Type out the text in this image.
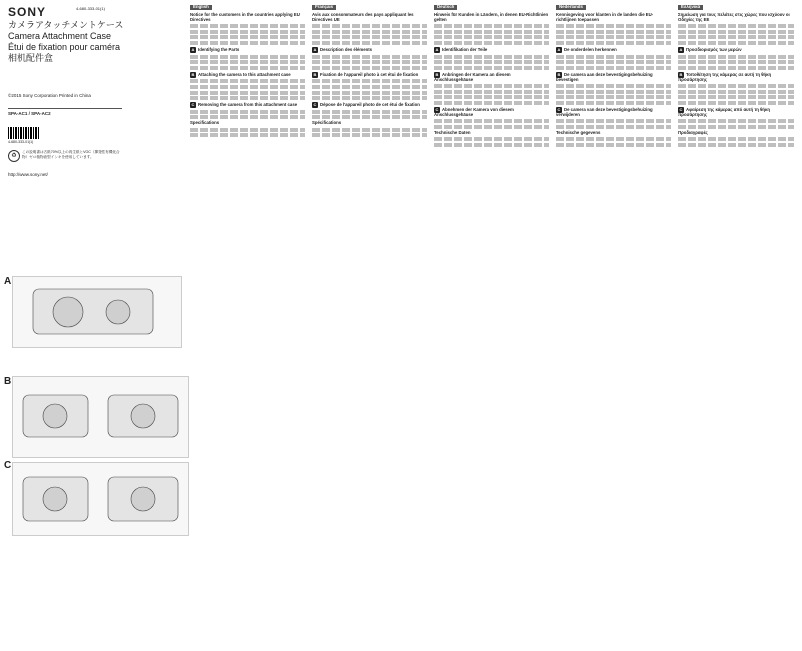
SONY	4-680-333-01(1)
カメラアタッチメントケース
Camera Attachment Case
Étui de fixation pour caméra
相机配件盒
©2015 Sony Corporation Printed in China
SPA-AC1 / SPA-AC2
4-680-333-01(1)
♻
この説明書は古紙70%以上の再生紙とVOC（揮発性有機化合物）ゼロ植物油型インキを使用しています。
http://www.sony.net/
A
B
C
English
Notice for the customers in the countries applying EU Directives
A Identifying the Parts
B Attaching the camera to this attachment case
C Removing the camera from this attachment case
Specifications
Français
Avis aux consommateurs des pays appliquant les Directives UE
A Description des éléments
B Fixation de l'appareil photo à cet étui de fixation
C Dépose de l'appareil photo de cet étui de fixation
Spécifications
Deutsch
Hinweis für Kunden in Ländern, in denen EU-Richtlinien gelten
A Identifikation der Teile
B Anbringen der Kamera an diesem Anschlussgehäuse
C Abnehmen der Kamera von diesem Anschlussgehäuse
Technische Daten
Nederlands
Kennisgeving voor klanten in de landen die EU-richtlijnen toepassen
A De onderdelen herkennen
B De camera aan deze bevestigingsbehuizing bevestigen
C De camera van deze bevestigingsbehuizing verwijderen
Technische gegevens
Ελληνικά
Σημείωση για τους πελάτες στις χώρες που ισχύουν οι Οδηγίες της ΕΕ
A Προσδιορισμός των μερών
B Τοποθέτηση της κάμερας σε αυτή τη θήκη προσάρτησης
C Αφαίρεση της κάμερας από αυτή τη θήκη προσάρτησης
Προδιαγραφές
